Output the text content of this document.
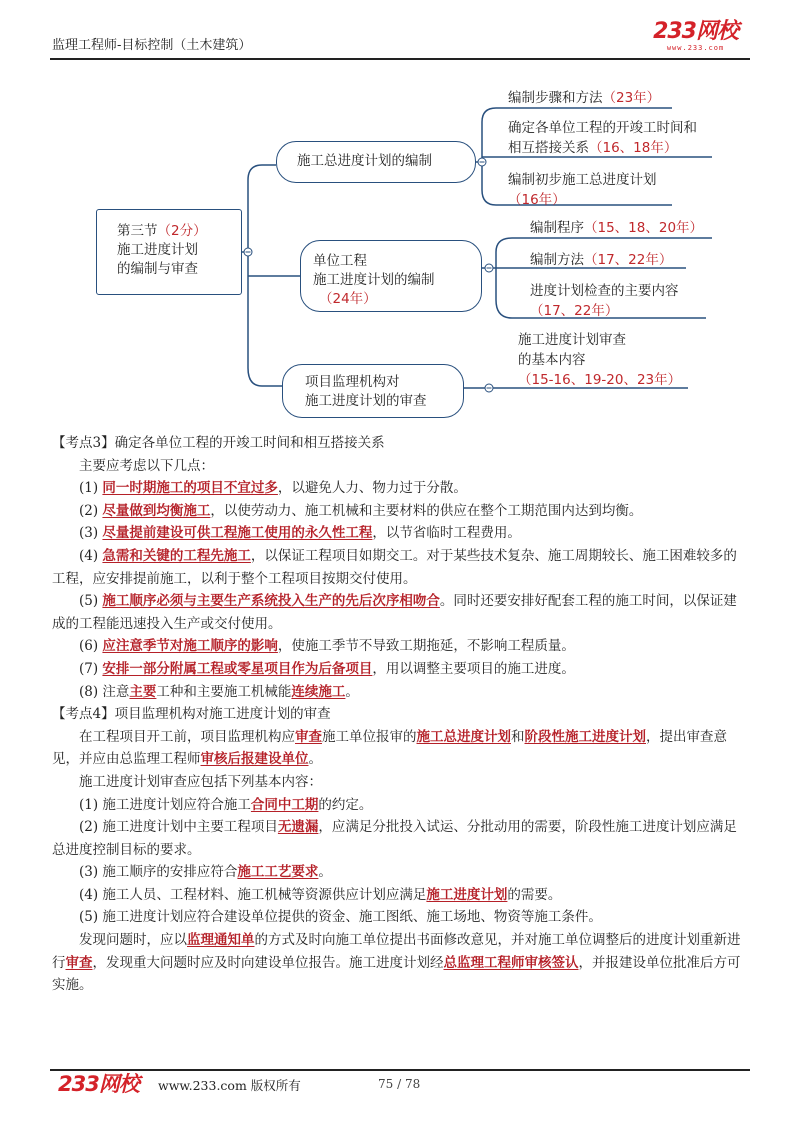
监理工程师-目标控制（土木建筑）
233网校
www.233.com
第三节（2分）
施工进度计划
的编制与审查
施工总进度计划的编制
编制步骤和方法（23年）
确定各单位工程的开竣工时间和
相互搭接关系（16、18年）
编制初步施工总进度计划
（16年）
单位工程
施工进度计划的编制
（24年）
编制程序（15、18、20年）
编制方法（17、22年）
进度计划检查的主要内容
（17、22年）
项目监理机构对
施工进度计划的审查
施工进度计划审查
的基本内容
（15-16、19-20、23年）

【考点3】确定各单位工程的开竣工时间和相互搭接关系

主要应考虑以下几点：

(1) 同一时期施工的项目不宜过多，以避免人力、物力过于分散。

(2) 尽量做到均衡施工，以使劳动力、施工机械和主要材料的供应在整个工期范围内达到均衡。

(3) 尽量提前建设可供工程施工使用的永久性工程，以节省临时工程费用。

(4) 急需和关键的工程先施工，以保证工程项目如期交工。对于某些技术复杂、施工周期较长、施工困难较多的工程，应安排提前施工，以利于整个工程项目按期交付使用。

(5) 施工顺序必须与主要生产系统投入生产的先后次序相吻合。同时还要安排好配套工程的施工时间，以保证建成的工程能迅速投入生产或交付使用。

(6) 应注意季节对施工顺序的影响，使施工季节不导致工期拖延，不影响工程质量。

(7) 安排一部分附属工程或零星项目作为后备项目，用以调整主要项目的施工进度。

(8) 注意主要工种和主要施工机械能连续施工。

【考点4】项目监理机构对施工进度计划的审查

在工程项目开工前，项目监理机构应审查施工单位报审的施工总进度计划和阶段性施工进度计划，提出审查意见，并应由总监理工程师审核后报建设单位。

施工进度计划审查应包括下列基本内容：

(1) 施工进度计划应符合施工合同中工期的约定。

(2) 施工进度计划中主要工程项目无遗漏，应满足分批投入试运、分批动用的需要，阶段性施工进度计划应满足总进度控制目标的要求。

(3) 施工顺序的安排应符合施工工艺要求。

(4) 施工人员、工程材料、施工机械等资源供应计划应满足施工进度计划的需要。

(5) 施工进度计划应符合建设单位提供的资金、施工图纸、施工场地、物资等施工条件。

发现问题时，应以监理通知单的方式及时向施工单位提出书面修改意见，并对施工单位调整后的进度计划重新进行审查，发现重大问题时应及时向建设单位报告。施工进度计划经总监理工程师审核签认，并报建设单位批准后方可实施。

233网校 www.233.com 版权所有	75 / 78
